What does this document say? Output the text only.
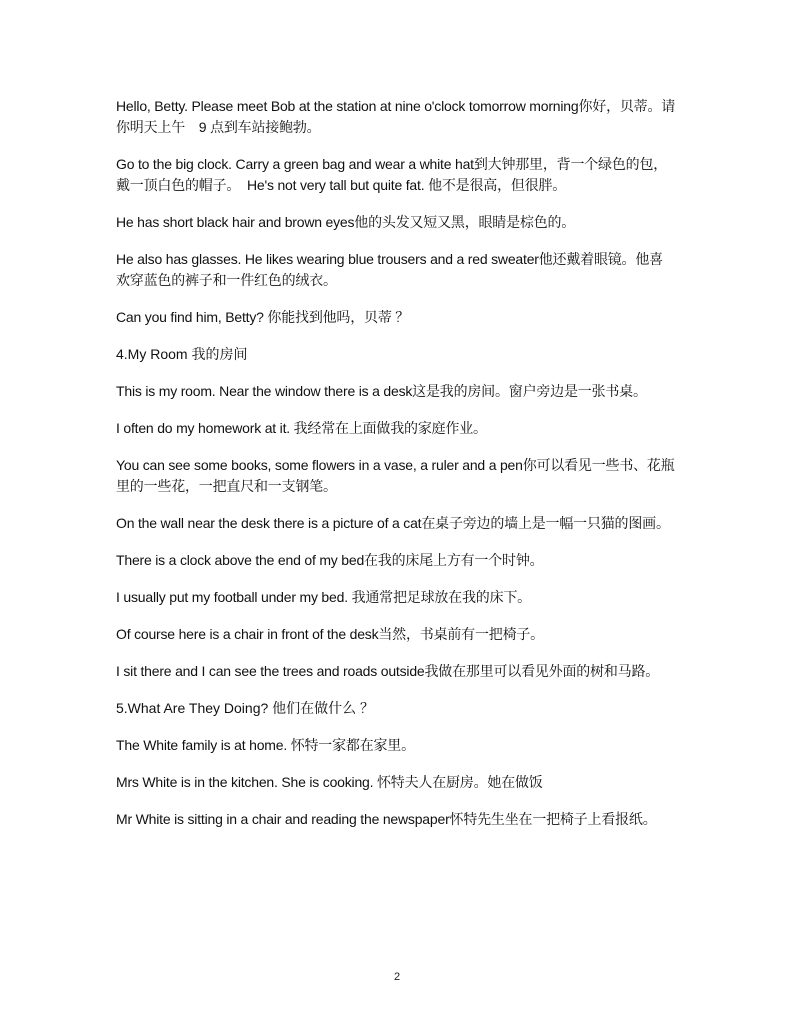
Hello, Betty. Please meet Bob at the station at nine o'clock tomorrow morning你好，贝蒂。请你明天上午　9 点到车站接鲍勃。

Go to the big clock. Carry a green bag and wear a white hat到大钟那里，背一个绿色的包，戴一顶白色的帽子。　He's not very tall but quite fat. 他不是很高，但很胖。

He has short black hair and brown eyes他的头发又短又黑，眼睛是棕色的。

He also has glasses. He likes wearing blue trousers and a red sweater他还戴着眼镜。他喜欢穿蓝色的裤子和一件红色的绒衣。

Can you find him, Betty? 你能找到他吗，贝蒂 ？

4.My Room 我的房间

This is my room. Near the window there is a desk这是我的房间。窗户旁边是一张书桌。

I often do my homework at it. 我经常在上面做我的家庭作业。

You can see some books, some flowers in a vase, a ruler and a pen你可以看见一些书、花瓶里的一些花，一把直尺和一支钢笔。

On the wall near the desk there is a picture of a cat在桌子旁边的墙上是一幅一只猫的图画。

There is a clock above the end of my bed在我的床尾上方有一个时钟。

I usually put my football under my bed. 我通常把足球放在我的床下。

Of course here is a chair in front of the desk当然，书桌前有一把椅子。

I sit there and I can see the trees and roads outside我做在那里可以看见外面的树和马路。

5.What Are They Doing? 他们在做什么 ？

The White family is at home. 怀特一家都在家里。

Mrs White is in the kitchen. She is cooking. 怀特夫人在厨房。她在做饭

Mr White is sitting in a chair and reading the newspaper怀特先生坐在一把椅子上看报纸。

2
